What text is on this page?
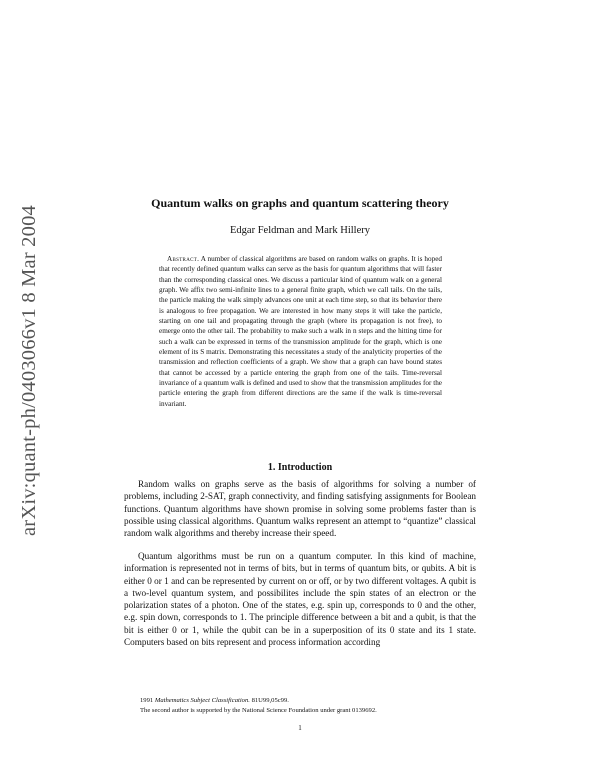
arXiv:quant-ph/0403066v1 8 Mar 2004
Quantum walks on graphs and quantum scattering theory
Edgar Feldman and Mark Hillery
Abstract. A number of classical algorithms are based on random walks on graphs. It is hoped that recently defined quantum walks can serve as the basis for quantum algorithms that will faster than the corresponding classical ones. We discuss a particular kind of quantum walk on a general graph. We affix two semi-infinite lines to a general finite graph, which we call tails. On the tails, the particle making the walk simply advances one unit at each time step, so that its behavior there is analogous to free propagation. We are interested in how many steps it will take the particle, starting on one tail and propagating through the graph (where its propagation is not free), to emerge onto the other tail. The probability to make such a walk in n steps and the hitting time for such a walk can be expressed in terms of the transmission amplitude for the graph, which is one element of its S matrix. Demonstrating this necessitates a study of the analyticity properties of the transmission and reflection coefficients of a graph. We show that a graph can have bound states that cannot be accessed by a particle entering the graph from one of the tails. Time-reversal invariance of a quantum walk is defined and used to show that the transmission amplitudes for the particle entering the graph from different directions are the same if the walk is time-reversal invariant.
1. Introduction

Random walks on graphs serve as the basis of algorithms for solving a number of problems, including 2-SAT, graph connectivity, and finding satisfying assignments for Boolean functions. Quantum algorithms have shown promise in solving some problems faster than is possible using classical algorithms. Quantum walks represent an attempt to “quantize” classical random walk algorithms and thereby increase their speed.

Quantum algorithms must be run on a quantum computer. In this kind of machine, information is represented not in terms of bits, but in terms of quantum bits, or qubits. A bit is either 0 or 1 and can be represented by current on or off, or by two different voltages. A qubit is a two-level quantum system, and possibilites include the spin states of an electron or the polarization states of a photon. One of the states, e.g. spin up, corresponds to 0 and the other, e.g. spin down, corresponds to 1. The principle difference between a bit and a qubit, is that the bit is either 0 or 1, while the qubit can be in a superposition of its 0 state and its 1 state. Computers based on bits represent and process information according

1991 Mathematics Subject Classification. 81U99,05c99.
The second author is supported by the National Science Foundation under grant 0139692.
1
